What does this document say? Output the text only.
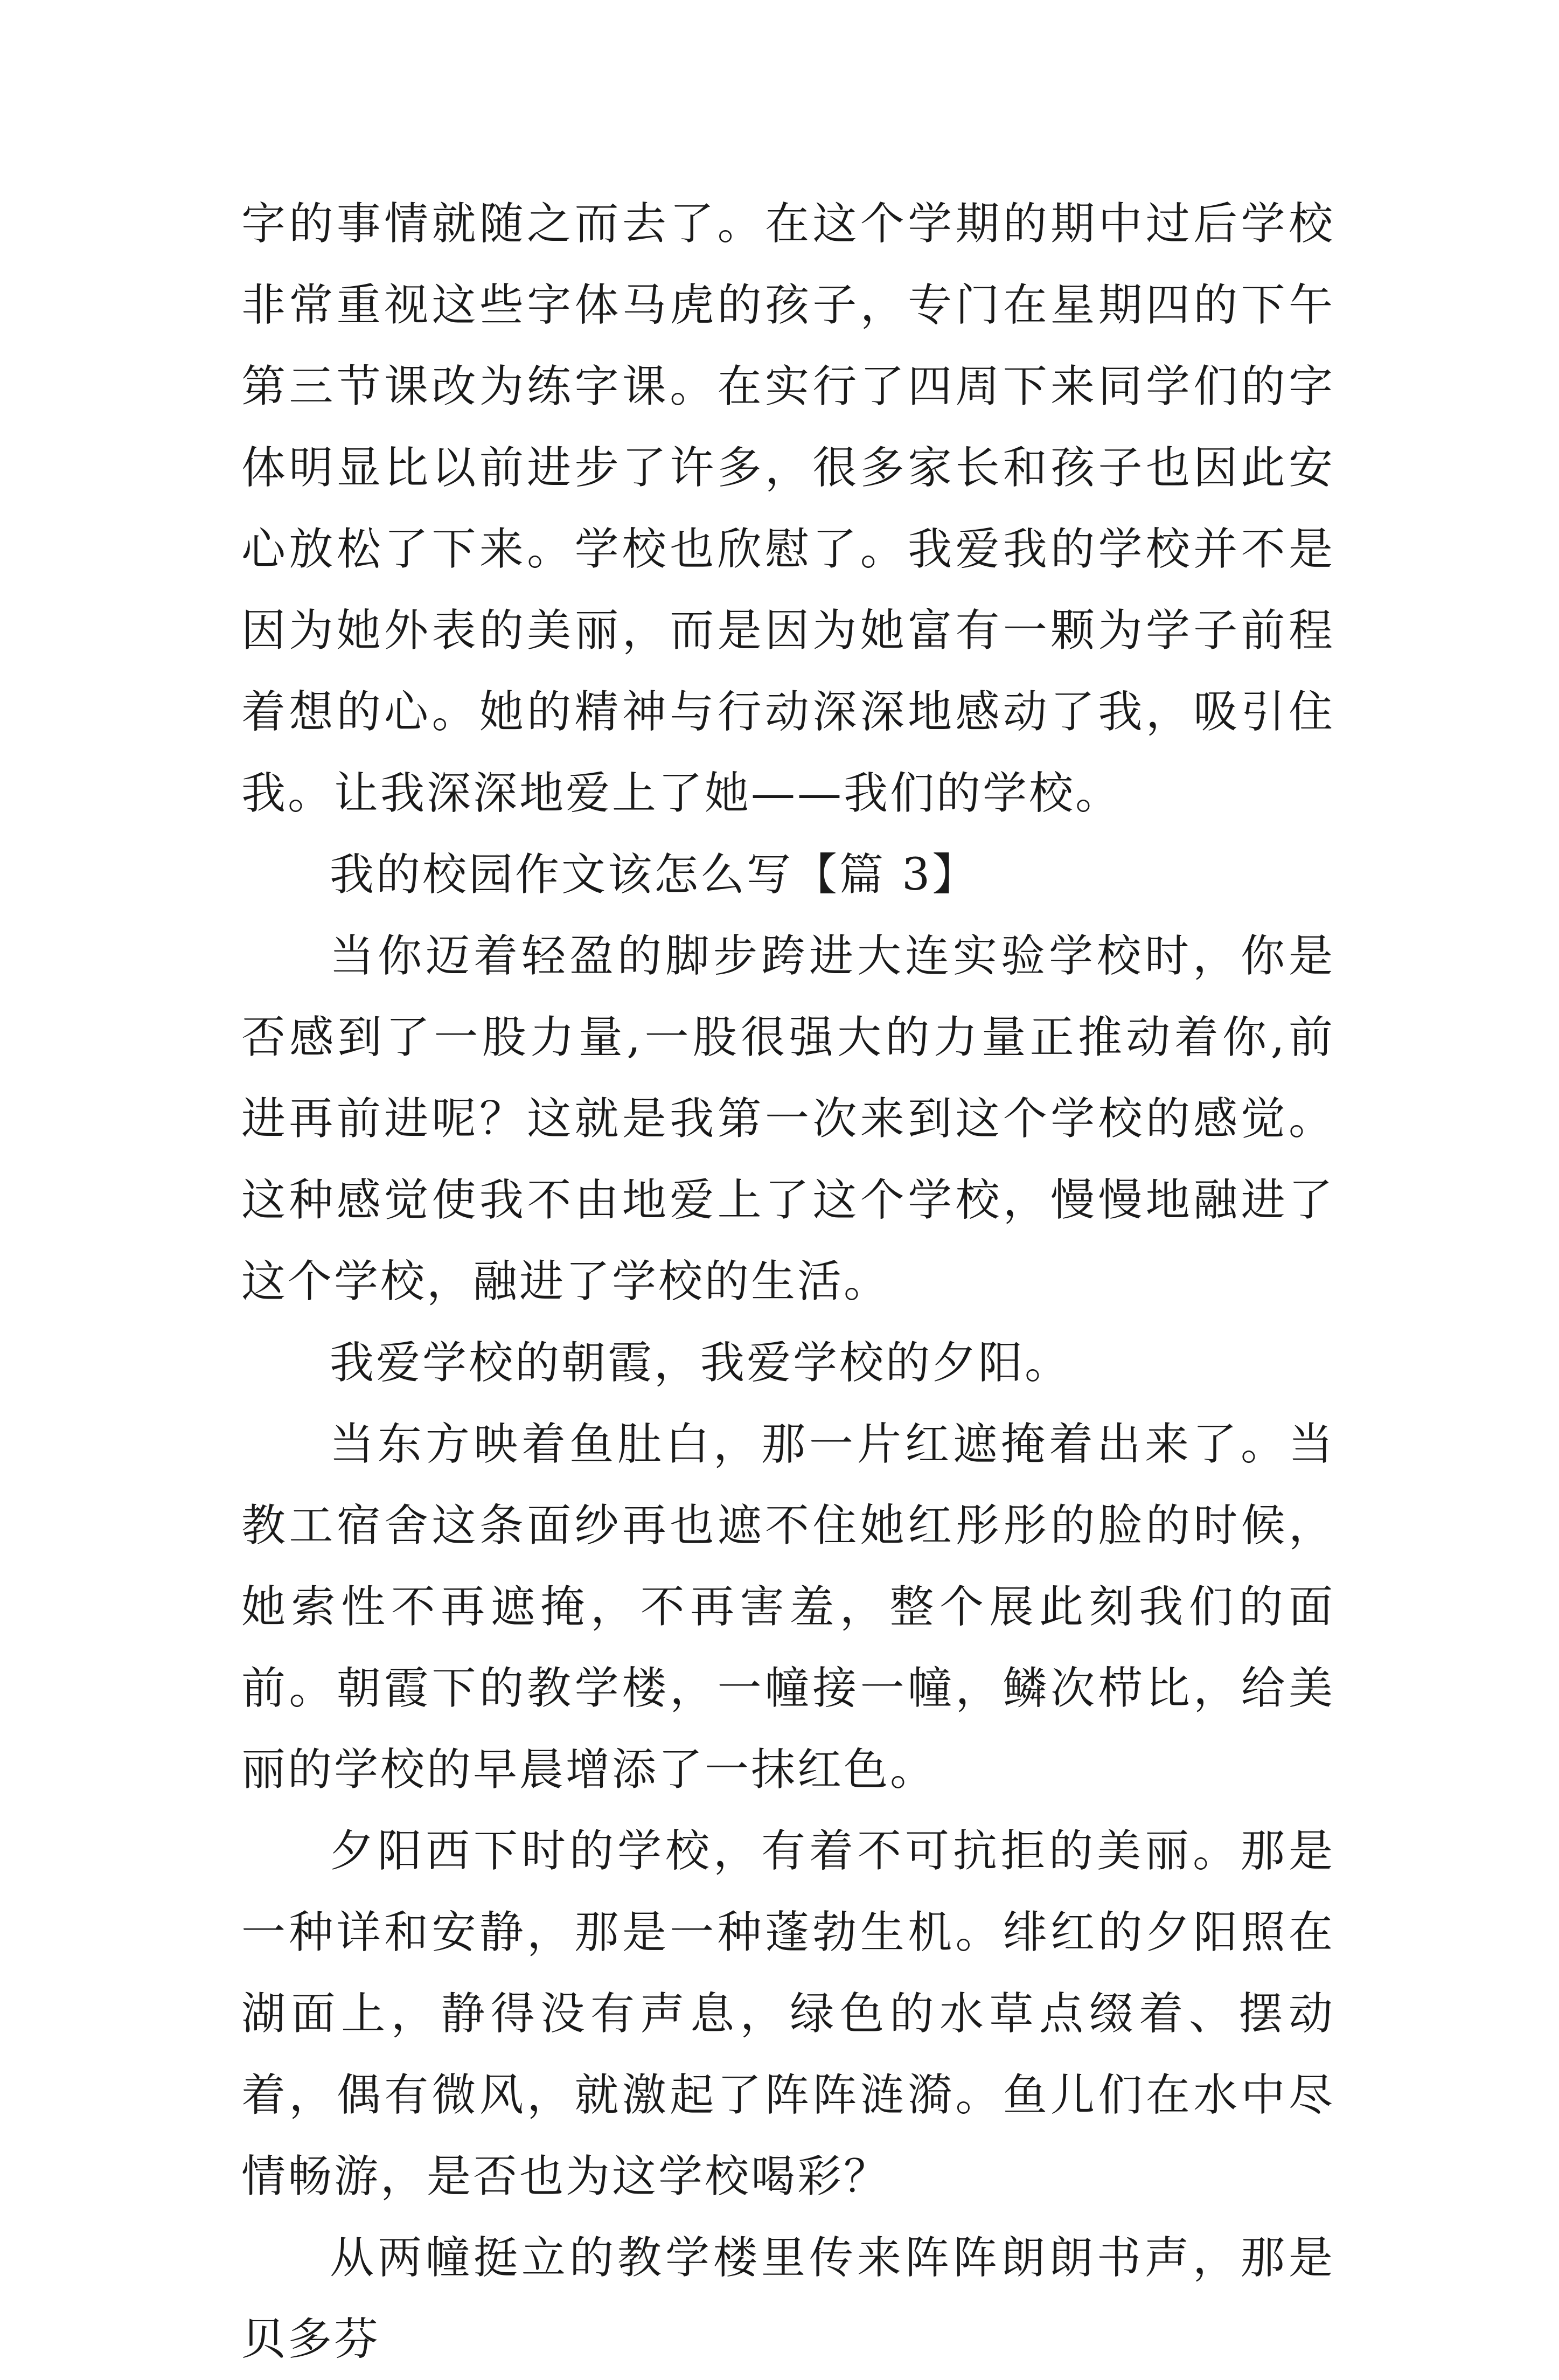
字的事情就随之而去了。在这个学期的期中过后学校非常重视这些字体马虎的孩子，专门在星期四的下午第三节课改为练字课。在实行了四周下来同学们的字体明显比以前进步了许多，很多家长和孩子也因此安心放松了下来。学校也欣慰了。我爱我的学校并不是因为她外表的美丽，而是因为她富有一颗为学子前程着想的心。她的精神与行动深深地感动了我，吸引住我。让我深深地爱上了她——我们的学校。

我的校园作文该怎么写【篇 3】

当你迈着轻盈的脚步跨进大连实验学校时，你是否感到了一股力量,一股很强大的力量正推动着你,前进再前进呢？这就是我第一次来到这个学校的感觉。这种感觉使我不由地爱上了这个学校，慢慢地融进了这个学校，融进了学校的生活。

我爱学校的朝霞，我爱学校的夕阳。

当东方映着鱼肚白，那一片红遮掩着出来了。当教工宿舍这条面纱再也遮不住她红彤彤的脸的时候，她索性不再遮掩，不再害羞，整个展此刻我们的面前。朝霞下的教学楼，一幢接一幢，鳞次栉比，给美丽的学校的早晨增添了一抹红色。

夕阳西下时的学校，有着不可抗拒的美丽。那是一种详和安静，那是一种蓬勃生机。绯红的夕阳照在湖面上，静得没有声息，绿色的水草点缀着、摆动着，偶有微风，就激起了阵阵涟漪。鱼儿们在水中尽情畅游，是否也为这学校喝彩？

从两幢挺立的教学楼里传来阵阵朗朗书声，那是贝多芬
